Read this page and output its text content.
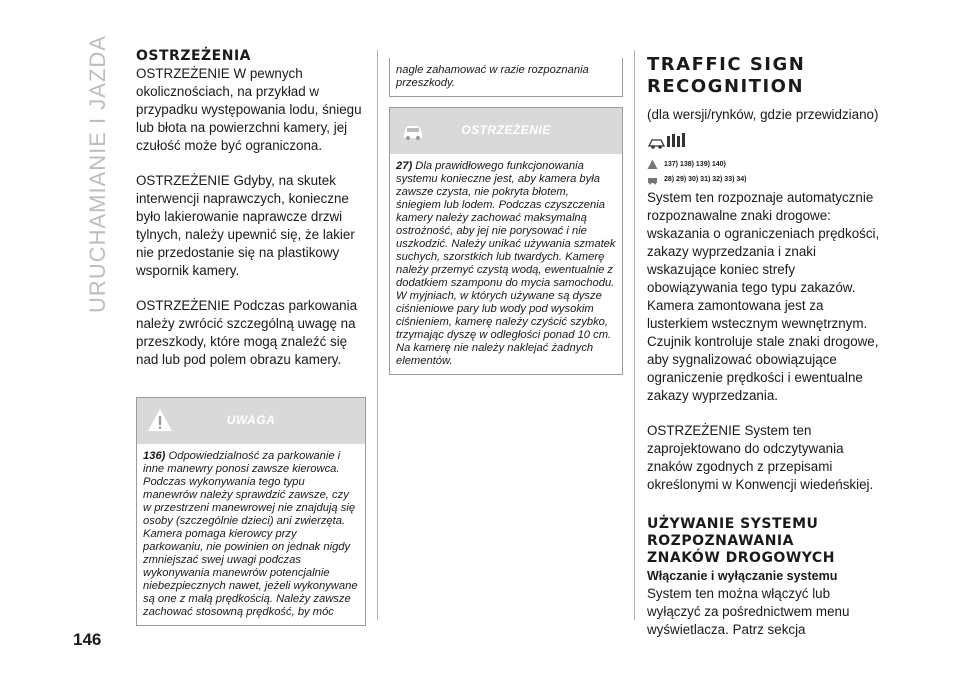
URUCHAMIANIE I JAZDA OSTRZEŻENIA

OSTRZEŻENIE W pewnych okolicznościach, na przykład w przypadku występowania lodu, śniegu lub błota na powierzchni kamery, jej czułość może być ograniczona.

OSTRZEŻENIE Gdyby, na skutek interwencji naprawczych, konieczne było lakierowanie naprawcze drzwi tylnych, należy upewnić się, że lakier nie przedostanie się na plastikowy wspornik kamery.

OSTRZEŻENIE Podczas parkowania należy zwrócić szczególną uwagę na przeszkody, które mogą znaleźć się nad lub pod polem obrazu kamery.

UWAGA
136) Odpowiedzialność za parkowanie i inne manewry ponosi zawsze kierowca. Podczas wykonywania tego typu manewrów należy sprawdzić zawsze, czy w przestrzeni manewrowej nie znajdują się osoby (szczególnie dzieci) ani zwierzęta. Kamera pomaga kierowcy przy parkowaniu, nie powinien on jednak nigdy zmniejszać swej uwagi podczas wykonywania manewrów potencjalnie niebezpiecznych nawet, jeżeli wykonywane są one z małą prędkością. Należy zawsze zachować stosowną prędkość, by móc
nagle zahamować w razie rozpoznania przeszkody.
OSTRZEŻENIE
27) Dla prawidłowego funkcjonowania systemu konieczne jest, aby kamera była zawsze czysta, nie pokryta błotem, śniegiem lub lodem. Podczas czyszczenia kamery należy zachować maksymalną ostrożność, aby jej nie porysować i nie uszkodzić. Należy unikać używania szmatek suchych, szorstkich lub twardych. Kamerę należy przemyć czystą wodą, ewentualnie z dodatkiem szamponu do mycia samochodu. W myjniach, w których używane są dysze ciśnieniowe pary lub wody pod wysokim ciśnieniem, kamerę należy czyścić szybko, trzymając dyszę w odległości ponad 10 cm. Na kamerę nie należy naklejać żadnych elementów.
TRAFFIC SIGN
RECOGNITION

(dla wersji/rynków, gdzie przewidziano)

137) 138) 139) 140)
28) 29) 30) 31) 32) 33) 34)

System ten rozpoznaje automatycznie rozpoznawalne znaki drogowe: wskazania o ograniczeniach prędkości, zakazy wyprzedzania i znaki wskazujące koniec strefy obowiązywania tego typu zakazów.

Kamera zamontowana jest za lusterkiem wstecznym wewnętrznym. Czujnik kontroluje stale znaki drogowe, aby sygnalizować obowiązujące ograniczenie prędkości i ewentualne zakazy wyprzedzania.

OSTRZEŻENIE System ten zaprojektowano do odczytywania znaków zgodnych z przepisami określonymi w Konwencji wiedeńskiej.

UŻYWANIE SYSTEMU
ROZPOZNAWANIA
ZNAKÓW DROGOWYCH
Włączanie i wyłączanie systemu

System ten można włączyć lub wyłączyć za pośrednictwem menu wyświetlacza. Patrz sekcja

146
